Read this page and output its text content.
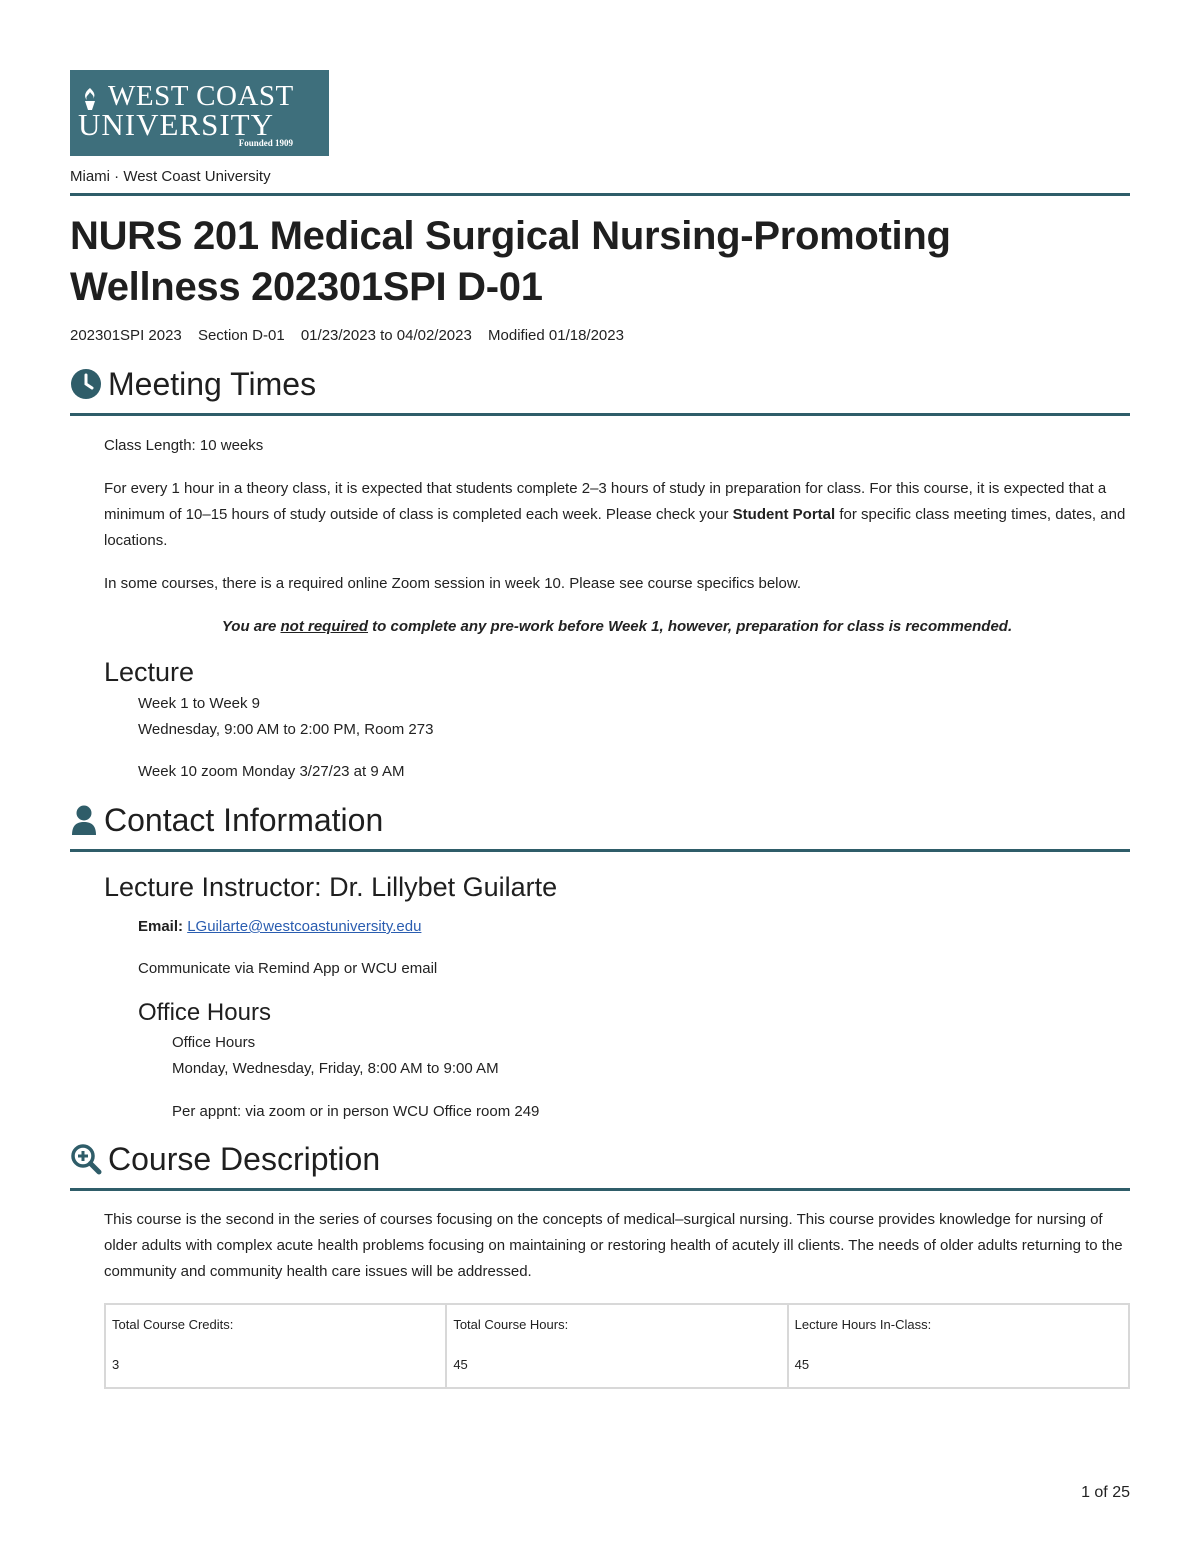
WEST COAST
UNIVERSITY
Founded 1909
Miami · West Coast University
NURS 201 Medical Surgical Nursing-Promoting Wellness 202301SPI D-01
202301SPI 2023 Section D-01 01/23/2023 to 04/02/2023 Modified 01/18/2023
Meeting Times

Class Length: 10 weeks

For every 1 hour in a theory class, it is expected that students complete 2–3 hours of study in preparation for class. For this course, it is expected that a minimum of 10–15 hours of study outside of class is completed each week. Please check your Student Portal for specific class meeting times, dates, and locations.

In some courses, there is a required online Zoom session in week 10. Please see course specifics below.

You are not required to complete any pre-work before Week 1, however, preparation for class is recommended.

Lecture
Week 1 to Week 9
Wednesday, 9:00 AM to 2:00 PM, Room 273
Week 10 zoom Monday 3/27/23 at 9 AM
Contact Information
Lecture Instructor: Dr. Lillybet Guilarte
Email: LGuilarte@westcoastuniversity.edu
Communicate via Remind App or WCU email
Office Hours
Office Hours
Monday, Wednesday, Friday, 8:00 AM to 9:00 AM
Per appnt: via zoom or in person WCU Office room 249
Course Description

This course is the second in the series of courses focusing on the concepts of medical–surgical nursing. This course provides knowledge for nursing of older adults with complex acute health problems focusing on maintaining or restoring health of acutely ill clients. The needs of older adults returning to the community and community health care issues will be addressed.

Total Course Credits:
3

Total Course Hours:
45

Lecture Hours In-Class:
45
1 of 25
